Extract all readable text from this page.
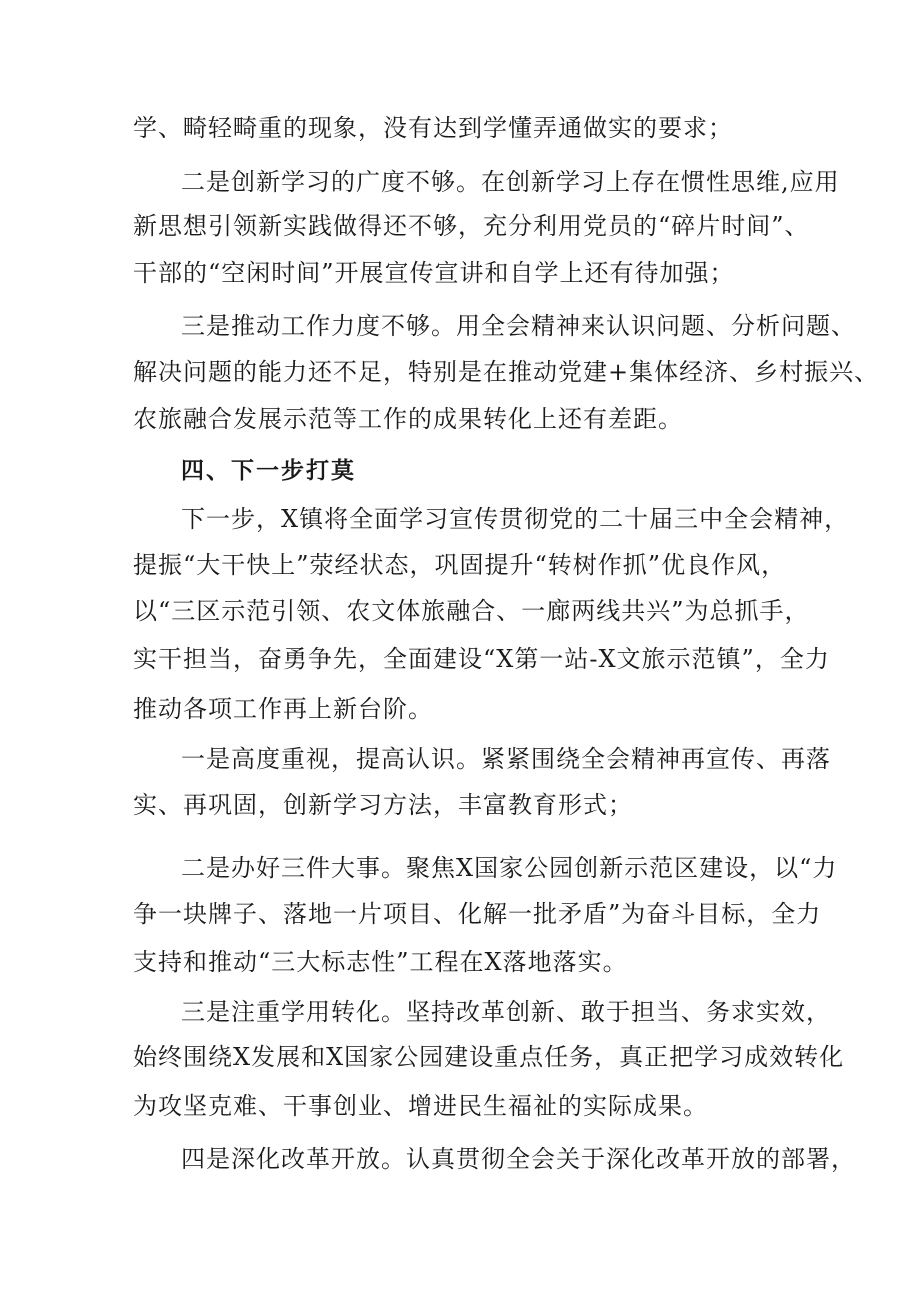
学、畸轻畸重的现象，没有达到学懂弄通做实的要求；
二是创新学习的广度不够。在创新学习上存在惯性思维,应用
新思想引领新实践做得还不够，充分利用党员的“碎片时间”、
干部的“空闲时间”开展宣传宣讲和自学上还有待加强；
三是推动工作力度不够。用全会精神来认识问题、分析问题、
解决问题的能力还不足，特别是在推动党建+集体经济、乡村振兴、
农旅融合发展示范等工作的成果转化上还有差距。
四、下一步打莫
下一步，X镇将全面学习宣传贯彻党的二十届三中全会精神，
提振“大干快上”荥经状态，巩固提升“转树作抓”优良作风，
以“三区示范引领、农文体旅融合、一廊两线共兴”为总抓手，
实干担当，奋勇争先，全面建设“X第一站-X文旅示范镇”，全力
推动各项工作再上新台阶。
一是高度重视，提高认识。紧紧围绕全会精神再宣传、再落
实、再巩固，创新学习方法，丰富教育形式；
二是办好三件大事。聚焦X国家公园创新示范区建设，以“力
争一块牌子、落地一片项目、化解一批矛盾”为奋斗目标，全力
支持和推动“三大标志性”工程在X落地落实。
三是注重学用转化。坚持改革创新、敢于担当、务求实效，
始终围绕X发展和X国家公园建设重点任务，真正把学习成效转化
为攻坚克难、干事创业、增进民生福祉的实际成果。
四是深化改革开放。认真贯彻全会关于深化改革开放的部署，
